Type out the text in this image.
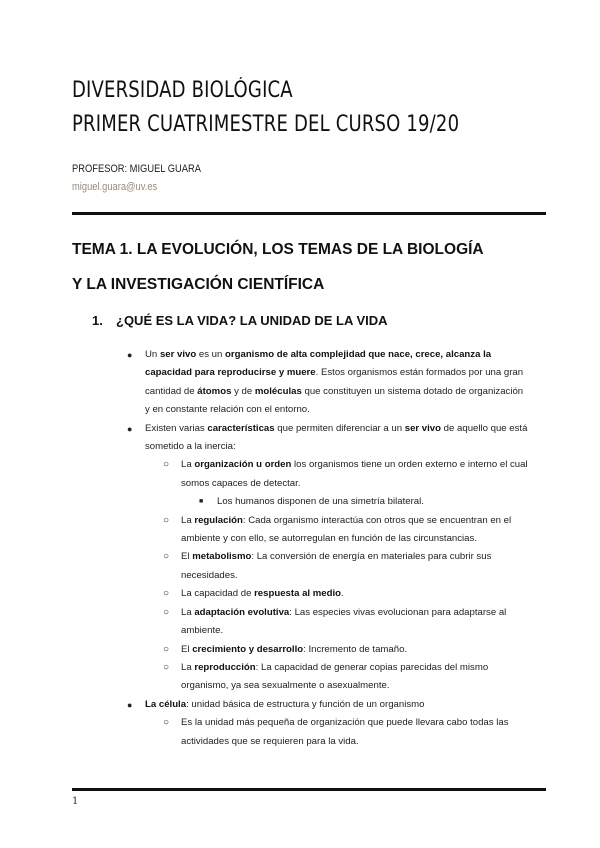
DIVERSIDAD BIOLÓGICA
PRIMER CUATRIMESTRE DEL CURSO 19/20
PROFESOR: MIGUEL GUARA
miguel.guara@uv.es
TEMA 1. LA EVOLUCIÓN, LOS TEMAS DE LA BIOLOGÍA
Y LA INVESTIGACIÓN CIENTÍFICA
1. ¿QUÉ ES LA VIDA? LA UNIDAD DE LA VIDA
● Un ser vivo es un organismo de alta complejidad que nace, crece, alcanza la capacidad para reproducirse y muere. Estos organismos están formados por una gran cantidad de átomos y de moléculas que constituyen un sistema dotado de organización y en constante relación con el entorno.
● Existen varias características que permiten diferenciar a un ser vivo de aquello que está sometido a la inercia:
○ La organización u orden los organismos tiene un orden externo e interno el cual somos capaces de detectar.
■ Los humanos disponen de una simetría bilateral.
○ La regulación: Cada organismo interactúa con otros que se encuentran en el ambiente y con ello, se autorregulan en función de las circunstancias.
○ El metabolismo: La conversión de energía en materiales para cubrir sus necesidades.
○ La capacidad de respuesta al medio.
○ La adaptación evolutiva: Las especies vivas evolucionan para adaptarse al ambiente.
○ El crecimiento y desarrollo: Incremento de tamaño.
○ La reproducción: La capacidad de generar copias parecidas del mismo organismo, ya sea sexualmente o asexualmente.
● La célula: unidad básica de estructura y función de un organismo
○ Es la unidad más pequeña de organización que puede llevara cabo todas las actividades que se requieren para la vida.
1
